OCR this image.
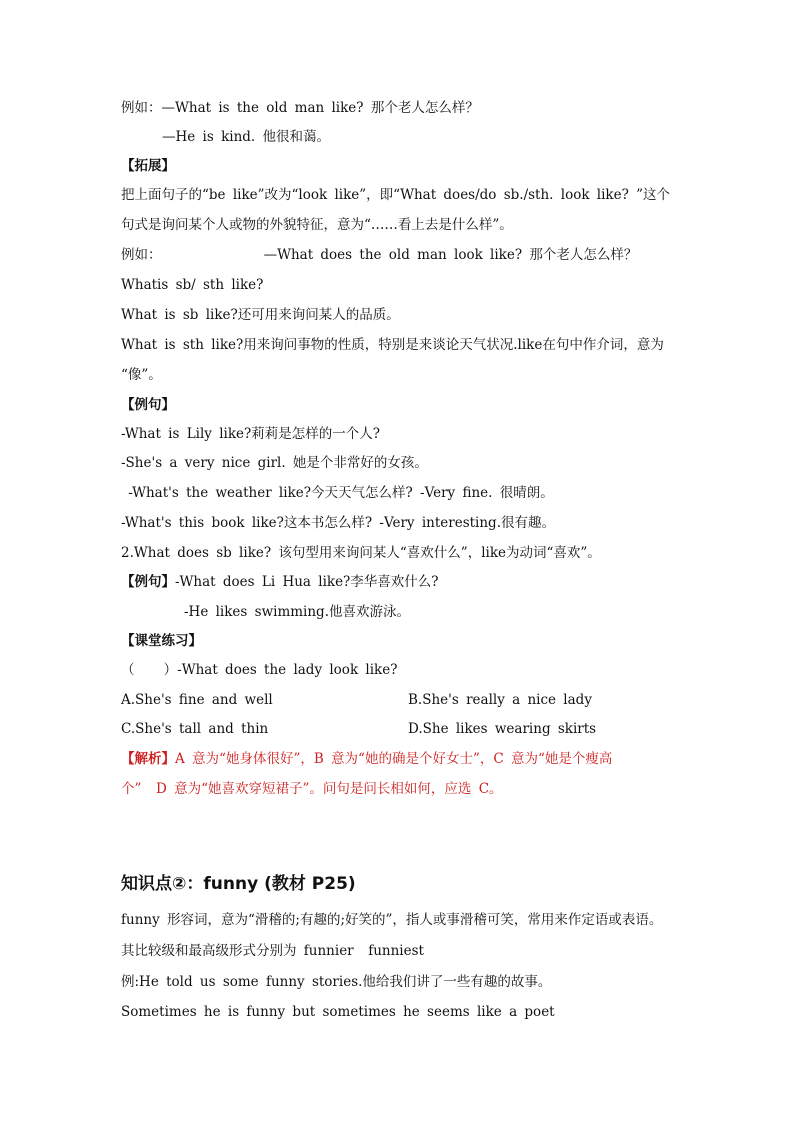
例如：—What is the old man like? 那个老人怎么样？
—He is kind. 他很和蔼。
【拓展】
把上面句子的“be like”改为“look like”，即“What does/do sb./sth. look like? ”这个
句式是询问某个人或物的外貌特征，意为“……看上去是什么样”。
例如：              —What does the old man look like? 那个老人怎么样？
Whatis sb/ sth like?
What is sb like?还可用来询问某人的品质。
What is sth like?用来询问事物的性质，特别是来谈论天气状况.like在句中作介词，意为
“像”。
【例句】
-What is Lily like?莉莉是怎样的一个人?
-She's a very nice girl. 她是个非常好的女孩。
-What's the weather like?今天天气怎么样? -Very fine. 很晴朗。
-What's this book like?这本书怎么样? -Very interesting.很有趣。
2.What does sb like? 该句型用来询问某人“喜欢什么”，like为动词“喜欢”。
【例句】-What does Li Hua like?李华喜欢什么?
-He likes swimming.他喜欢游泳。
【课堂练习】
（    ）-What does the lady look like?
A.She's fine and well	B.She's really a nice lady
C.She's tall and thin	D.She likes wearing skirts
【解析】A 意为“她身体很好”，B 意为“她的确是个好女士”，C 意为“她是个瘦高
个”  D 意为“她喜欢穿短裙子”。问句是问长相如何，应选 C。
知识点②：funny (教材 P25)
funny 形容词，意为“滑稽的;有趣的;好笑的”，指人或事滑稽可笑，常用来作定语或表语。
其比较级和最高级形式分别为 funnier  funniest
例:He told us some funny stories.他给我们讲了一些有趣的故事。
Sometimes he is funny but sometimes he seems like a poet
